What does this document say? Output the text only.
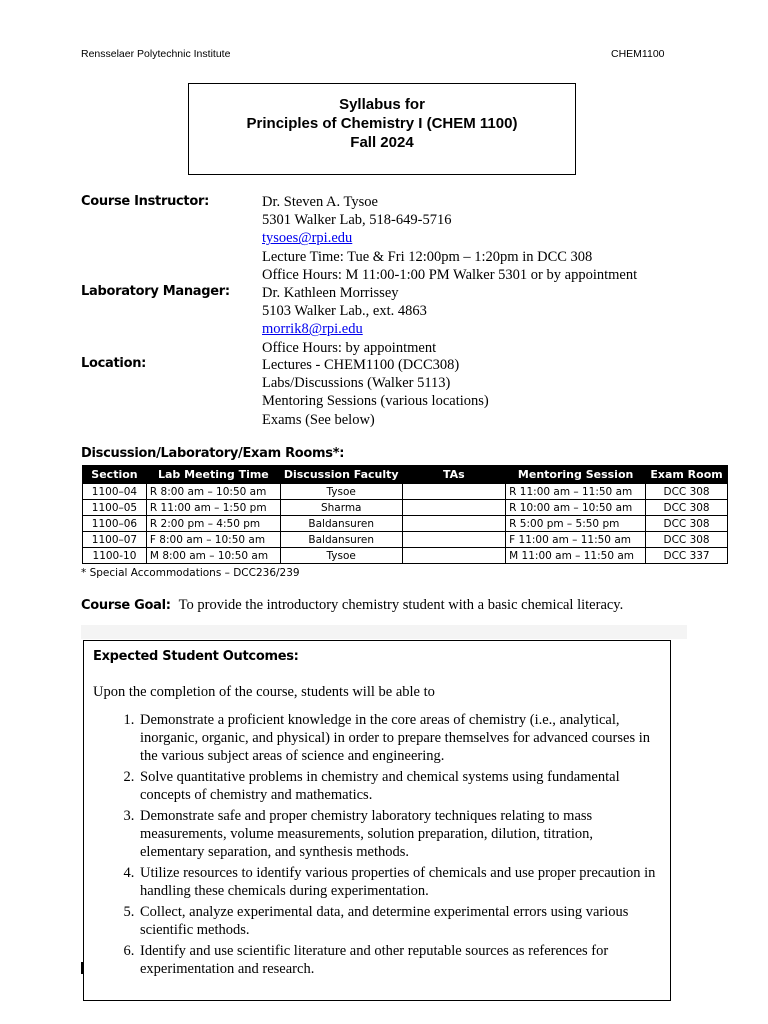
Rensselaer Polytechnic Institute	CHEM1100
Syllabus for
Principles of Chemistry I (CHEM 1100)
Fall 2024
Course Instructor:	Dr. Steven A. Tysoe
5301 Walker Lab, 518-649-5716
tysoes@rpi.edu
Lecture Time: Tue & Fri 12:00pm – 1:20pm in DCC 308
Office Hours: M 11:00-1:00 PM Walker 5301 or by appointment
Laboratory Manager: Dr. Kathleen Morrissey
5103 Walker Lab., ext. 4863
morrik8@rpi.edu
Office Hours: by appointment
Location:	Lectures - CHEM1100 (DCC308)
Labs/Discussions (Walker 5113)
Mentoring Sessions (various locations)
Exams (See below)
Discussion/Laboratory/Exam Rooms*:
Section	Lab Meeting Time	Discussion Faculty	TAs	Mentoring Session	Exam Room
1100–04	R 8:00 am – 10:50 am	Tysoe		R 11:00 am – 11:50 am	DCC 308
1100–05	R 11:00 am – 1:50 pm	Sharma		R 10:00 am – 10:50 am	DCC 308
1100–06	R 2:00 pm – 4:50 pm	Baldansuren		R 5:00 pm – 5:50 pm	DCC 308
1100–07	F 8:00 am – 10:50 am	Baldansuren		F 11:00 am – 11:50 am	DCC 308
1100-10	M 8:00 am – 10:50 am	Tysoe		M 11:00 am – 11:50 am	DCC 337
* Special Accommodations – DCC236/239
Course Goal: To provide the introductory chemistry student with a basic chemical literacy.
Expected Student Outcomes:
Upon the completion of the course, students will be able to
1. Demonstrate a proficient knowledge in the core areas of chemistry (i.e., analytical, inorganic, organic, and physical) in order to prepare themselves for advanced courses in the various subject areas of science and engineering.
2. Solve quantitative problems in chemistry and chemical systems using fundamental concepts of chemistry and mathematics.
3. Demonstrate safe and proper chemistry laboratory techniques relating to mass measurements, volume measurements, solution preparation, dilution, titration, elementary separation, and synthesis methods.
4. Utilize resources to identify various properties of chemicals and use proper precaution in handling these chemicals during experimentation.
5. Collect, analyze experimental data, and determine experimental errors using various scientific methods.
6. Identify and use scientific literature and other reputable sources as references for experimentation and research.
